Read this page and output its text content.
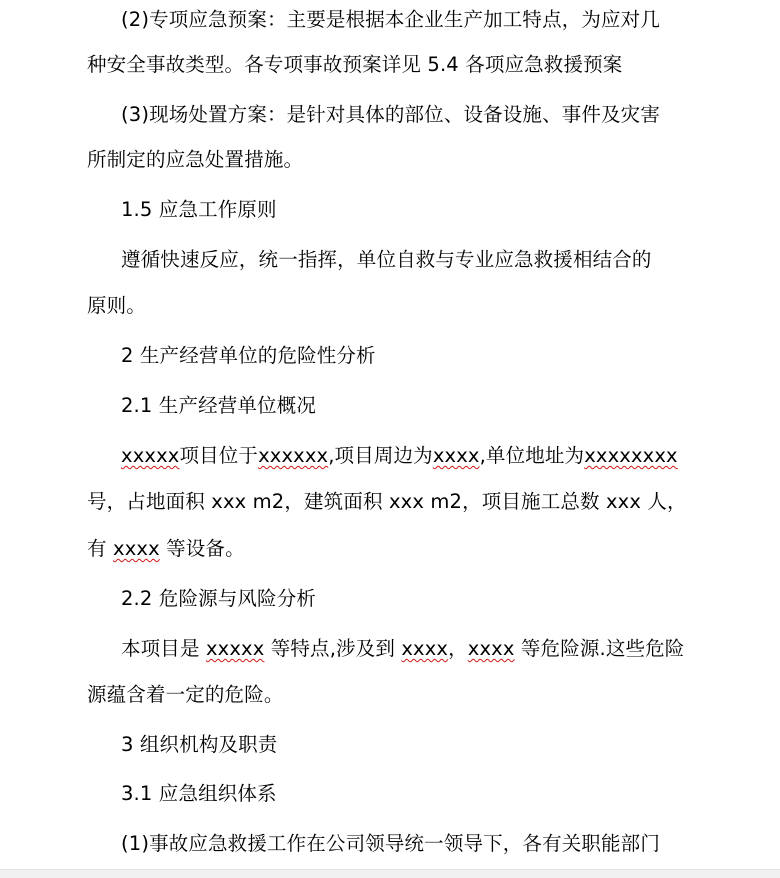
(2)专项应急预案：主要是根据本企业生产加工特点，为应对几
种安全事故类型。各专项事故预案详见 5.4 各项应急救援预案
(3)现场处置方案：是针对具体的部位、设备设施、事件及灾害
所制定的应急处置措施。
1.5 应急工作原则
遵循快速反应，统一指挥，单位自救与专业应急救援相结合的
原则。
2 生产经营单位的危险性分析
2.1 生产经营单位概况
xxxxx项目位于xxxxxx,项目周边为xxxx,单位地址为xxxxxxxx
号，占地面积 xxx m2，建筑面积 xxx m2，项目施工总数 xxx 人，
有 xxxx 等设备。
2.2 危险源与风险分析
本项目是 xxxxx 等特点,涉及到 xxxx，xxxx 等危险源.这些危险
源蕴含着一定的危险。
3 组织机构及职责
3.1 应急组织体系
(1)事故应急救援工作在公司领导统一领导下，各有关职能部门
